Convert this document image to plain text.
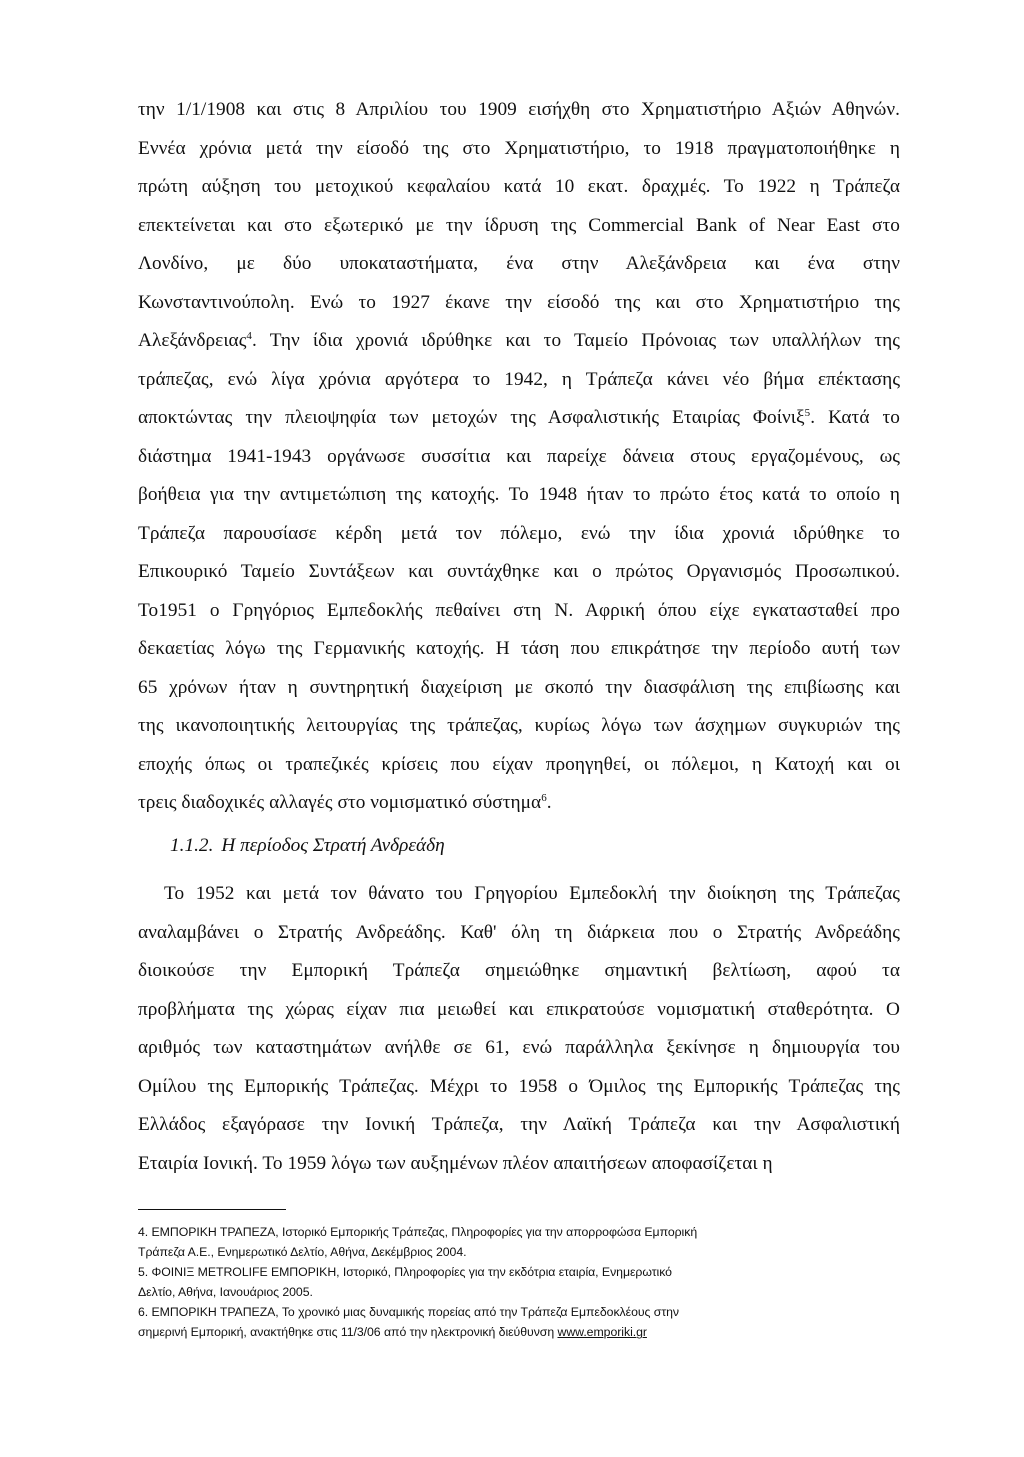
την 1/1/1908 και στις 8 Απριλίου του 1909 εισήχθη στο Χρηματιστήριο Αξιών Αθηνών.
Εννέα χρόνια μετά την είσοδό της στο Χρηματιστήριο, το 1918 πραγματοποιήθηκε η
πρώτη αύξηση του μετοχικού κεφαλαίου κατά 10 εκατ. δραχμές. Το 1922 η Τράπεζα
επεκτείνεται και στο εξωτερικό με την ίδρυση της Commercial Bank of Near East στο
Λονδίνο, με δύο υποκαταστήματα, ένα στην Αλεξάνδρεια και ένα στην
Κωνσταντινούπολη. Ενώ το 1927 έκανε την είσοδό της και στο Χρηματιστήριο της
Αλεξάνδρειας$^4$. Την ίδια χρονιά ιδρύθηκε και το Ταμείο Πρόνοιας των υπαλλήλων της
τράπεζας, ενώ λίγα χρόνια αργότερα το 1942, η Τράπεζα κάνει νέο βήμα επέκτασης
αποκτώντας την πλειοψηφία των μετοχών της Ασφαλιστικής Εταιρίας Φοίνιξ$^5$. Κατά το
διάστημα 1941-1943 οργάνωσε συσσίτια και παρείχε δάνεια στους εργαζομένους, ως
βοήθεια για την αντιμετώπιση της κατοχής. Το 1948 ήταν το πρώτο έτος κατά το οποίο η
Τράπεζα παρουσίασε κέρδη μετά τον πόλεμο, ενώ την ίδια χρονιά ιδρύθηκε το
Επικουρικό Ταμείο Συντάξεων και συντάχθηκε και ο πρώτος Οργανισμός Προσωπικού.
Το1951 ο Γρηγόριος Εμπεδοκλής πεθαίνει στη Ν. Αφρική όπου είχε εγκατασταθεί προ
δεκαετίας λόγω της Γερμανικής κατοχής. Η τάση που επικράτησε την περίοδο αυτή των
65 χρόνων ήταν η συντηρητική διαχείριση με σκοπό την διασφάλιση της επιβίωσης και
της ικανοποιητικής λειτουργίας της τράπεζας, κυρίως λόγω των άσχημων συγκυριών της
εποχής όπως οι τραπεζικές κρίσεις που είχαν προηγηθεί, οι πόλεμοι, η Κατοχή και οι
τρεις διαδοχικές αλλαγές στο νομισματικό σύστημα$^6$.
1.1.2. Η περίοδος Στρατή Ανδρεάδη
Το 1952 και μετά τον θάνατο του Γρηγορίου Εμπεδοκλή την διοίκηση της Τράπεζας
αναλαμβάνει ο Στρατής Ανδρεάδης. Καθ' όλη τη διάρκεια που ο Στρατής Ανδρεάδης
διοικούσε την Εμπορική Τράπεζα σημειώθηκε σημαντική βελτίωση, αφού τα
προβλήματα της χώρας είχαν πια μειωθεί και επικρατούσε νομισματική σταθερότητα. Ο
αριθμός των καταστημάτων ανήλθε σε 61, ενώ παράλληλα ξεκίνησε η δημιουργία του
Ομίλου της Εμπορικής Τράπεζας. Μέχρι το 1958 ο Όμιλος της Εμπορικής Τράπεζας της
Ελλάδος εξαγόρασε την Ιονική Τράπεζα, την Λαϊκή Τράπεζα και την Ασφαλιστική
Εταιρία Ιονική. Το 1959 λόγω των αυξημένων πλέον απαιτήσεων αποφασίζεται η
4. ΕΜΠΟΡΙΚΗ ΤΡΑΠΕΖΑ, Ιστορικό Εμπορικής Τράπεζας, Πληροφορίες για την απορροφώσα Εμπορική
Τράπεζα Α.Ε., Ενημερωτικό Δελτίο, Αθήνα, Δεκέμβριος 2004.
5. ΦΟΙΝΙΞ METROLIFE ΕΜΠΟΡΙΚΗ, Ιστορικό, Πληροφορίες για την εκδότρια εταιρία, Ενημερωτικό
Δελτίο, Αθήνα, Ιανουάριος 2005.
6. ΕΜΠΟΡΙΚΗ ΤΡΑΠΕΖΑ, Το χρονικό μιας δυναμικής πορείας από την Τράπεζα Εμπεδοκλέους στην
σημερινή Εμπορική, ανακτήθηκε στις 11/3/06 από την ηλεκτρονική διεύθυνση www.emporiki.gr
